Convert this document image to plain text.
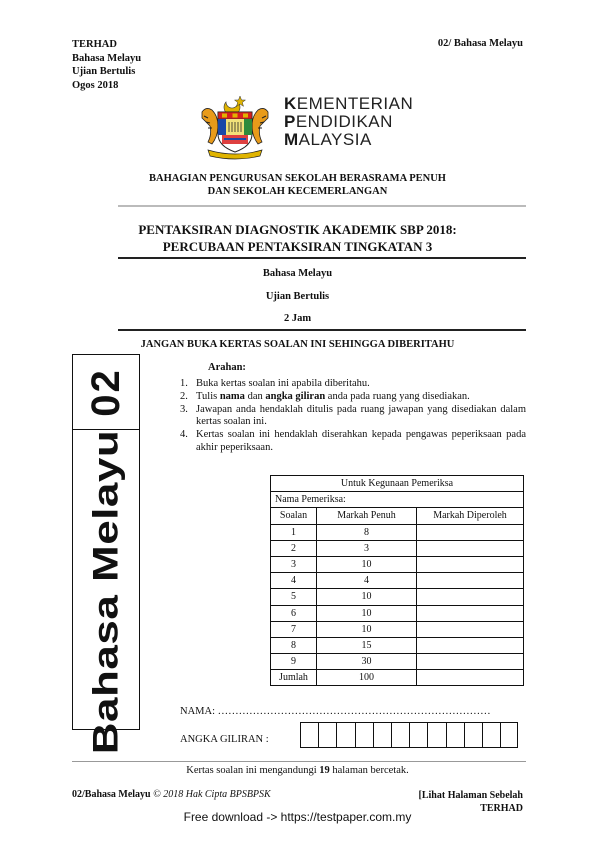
TERHAD
Bahasa Melayu
Ujian Bertulis
Ogos 2018
02/ Bahasa Melayu
KEMENTERIAN
PENDIDIKAN
MALAYSIA
BAHAGIAN PENGURUSAN SEKOLAH BERASRAMA PENUH
DAN SEKOLAH KECEMERLANGAN
PENTAKSIRAN DIAGNOSTIK AKADEMIK SBP 2018:
PERCUBAAN PENTAKSIRAN TINGKATAN 3
Bahasa Melayu
Ujian Bertulis
2 Jam
JANGAN BUKA KERTAS SOALAN INI SEHINGGA DIBERITAHU
02
Bahasa Melayu
Arahan:
1. Buka kertas soalan ini apabila diberitahu.
2. Tulis nama dan angka giliran anda pada ruang yang disediakan.
3. Jawapan anda hendaklah ditulis pada ruang jawapan yang disediakan dalam kertas soalan ini.
4. Kertas soalan ini hendaklah diserahkan kepada pengawas peperiksaan pada akhir peperiksaan.
Untuk Kegunaan Pemeriksa		
Nama Pemeriksa:		
Soalan	Markah Penuh	Markah Diperoleh
1	8	
2	3	
3	10	
4	4	
5	10	
6	10	
7	10	
8	15	
9	30	
Jumlah	100	
NAMA: ……………………………………………………………………
ANGKA GILIRAN :
Kertas soalan ini mengandungi 19 halaman bercetak.
02/Bahasa Melayu © 2018 Hak Cipta BPSBPSK	[Lihat Halaman Sebelah
TERHAD
Free download -> https://testpaper.com.my
